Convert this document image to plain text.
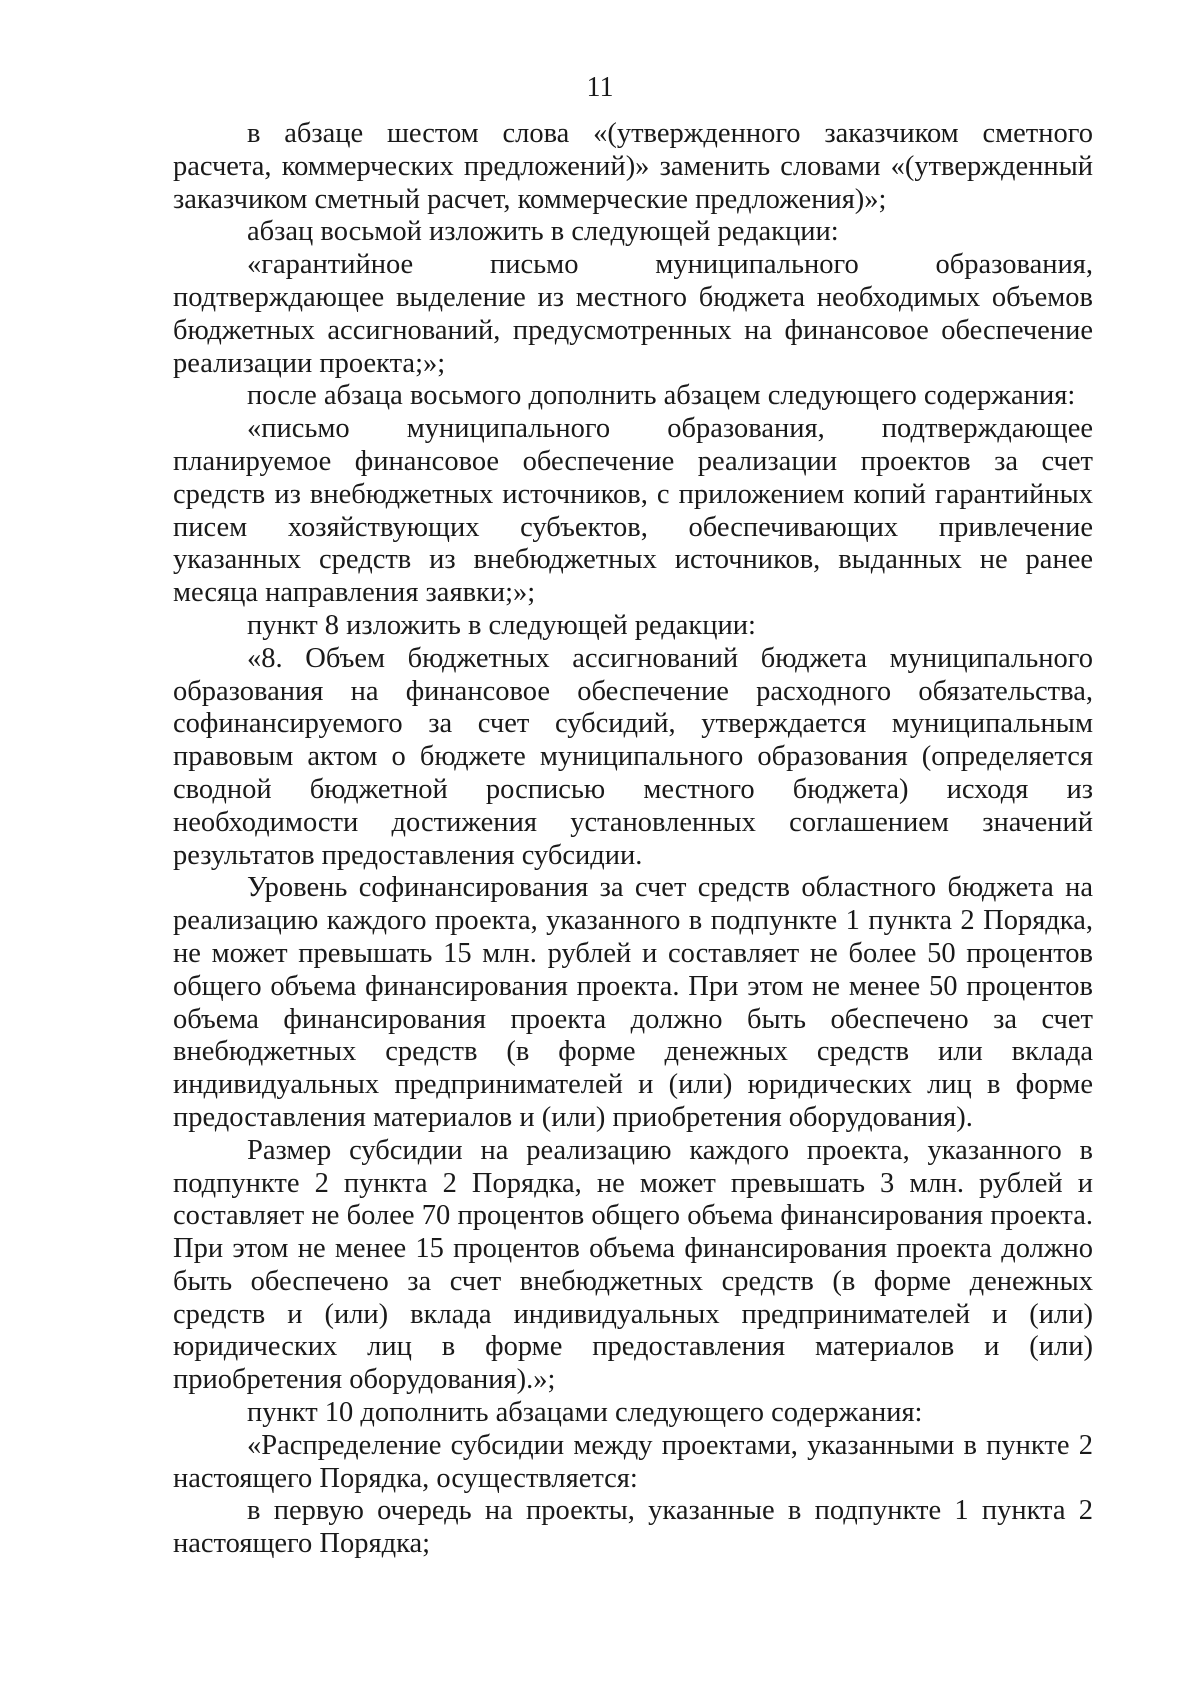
11

в абзаце шестом слова «(утвержденного заказчиком сметного расчета, коммерческих предложений)» заменить словами «(утвержденный заказчиком сметный расчет, коммерческие предложения)»;

абзац восьмой изложить в следующей редакции:

«гарантийное письмо муниципального образования, подтверждающее выделение из местного бюджета необходимых объемов бюджетных ассигнований, предусмотренных на финансовое обеспечение реализации проекта;»;

после абзаца восьмого дополнить абзацем следующего содержания:

«письмо муниципального образования, подтверждающее планируемое финансовое обеспечение реализации проектов за счет средств из внебюджетных источников, с приложением копий гарантийных писем хозяйствующих субъектов, обеспечивающих привлечение указанных средств из внебюджетных источников, выданных не ранее месяца направления заявки;»;

пункт 8 изложить в следующей редакции:

«8. Объем бюджетных ассигнований бюджета муниципального образования на финансовое обеспечение расходного обязательства, софинансируемого за счет субсидий, утверждается муниципальным правовым актом о бюджете муниципального образования (определяется сводной бюджетной росписью местного бюджета) исходя из необходимости достижения установленных соглашением значений результатов предоставления субсидии.

Уровень софинансирования за счет средств областного бюджета на реализацию каждого проекта, указанного в подпункте 1 пункта 2 Порядка, не может превышать 15 млн. рублей и составляет не более 50 процентов общего объема финансирования проекта. При этом не менее 50 процентов объема финансирования проекта должно быть обеспечено за счет внебюджетных средств (в форме денежных средств или вклада индивидуальных предпринимателей и (или) юридических лиц в форме предоставления материалов и (или) приобретения оборудования).

Размер субсидии на реализацию каждого проекта, указанного в подпункте 2 пункта 2 Порядка, не может превышать 3 млн. рублей и составляет не более 70 процентов общего объема финансирования проекта. При этом не менее 15 процентов объема финансирования проекта должно быть обеспечено за счет внебюджетных средств (в форме денежных средств и (или) вклада индивидуальных предпринимателей и (или) юридических лиц в форме предоставления материалов и (или) приобретения оборудования).»;

пункт 10 дополнить абзацами следующего содержания:

«Распределение субсидии между проектами, указанными в пункте 2 настоящего Порядка, осуществляется:

в первую очередь на проекты, указанные в подпункте 1 пункта 2 настоящего Порядка;
